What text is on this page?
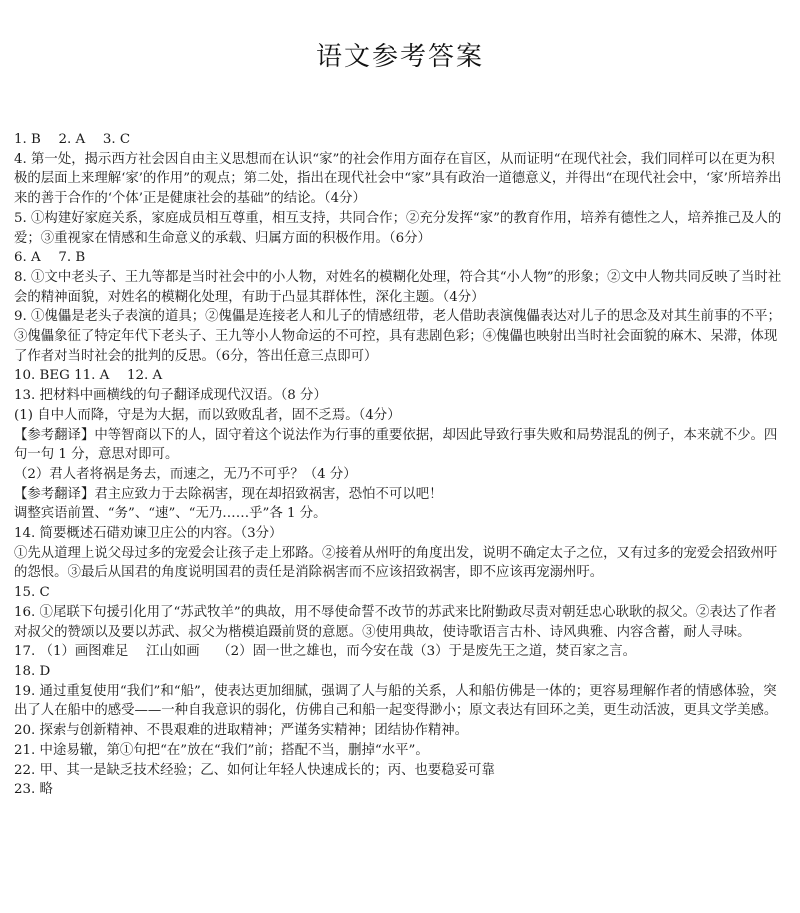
语文参考答案

1. B　 2. A　 3. C

4. 第一处，揭示西方社会因自由主义思想而在认识“家”的社会作用方面存在盲区，从而证明“在现代社会，我们同样可以在更为积极的层面上来理解‘家’的作用”的观点；第二处，指出在现代社会中“家”具有政治一道德意义，并得出“在现代社会中，‘家’所培养出来的善于合作的‘个体’正是健康社会的基础”的结论。（4分）

5. ①构建好家庭关系，家庭成员相互尊重，相互支持，共同合作；②充分发挥“家”的教育作用，培养有德性之人，培养推己及人的爱；③重视家在情感和生命意义的承载、归属方面的积极作用。（6分）

6. A　 7. B

8. ①文中老头子、王九等都是当时社会中的小人物，对姓名的模糊化处理，符合其“小人物”的形象；②文中人物共同反映了当时社会的精神面貌，对姓名的模糊化处理，有助于凸显其群体性，深化主题。（4分）

9. ①傀儡是老头子表演的道具；②傀儡是连接老人和儿子的情感纽带，老人借助表演傀儡表达对儿子的思念及对其生前事的不平；③傀儡象征了特定年代下老头子、王九等小人物命运的不可控，具有悲剧色彩；④傀儡也映射出当时社会面貌的麻木、呆滞，体现了作者对当时社会的批判的反思。（6分，答出任意三点即可）

10. BEG 11. A　 12. A

13. 把材料中画横线的句子翻译成现代汉语。（8 分）

(1) 自中人而降，守是为大据，而以致败乱者，固不乏焉。（4分）

【参考翻译】中等智商以下的人，固守着这个说法作为行事的重要依据，却因此导致行事失败和局势混乱的例子，本来就不少。四句一句 1 分，意思对即可。

（2）君人者将祸是务去，而速之，无乃不可乎？（4 分）

【参考翻译】君主应致力于去除祸害，现在却招致祸害，恐怕不可以吧！

调整宾语前置、“务”、“速”、“无乃……乎”各 1 分。

14. 简要概述石碏劝谏卫庄公的内容。（3分）

①先从道理上说父母过多的宠爱会让孩子走上邪路。②接着从州吁的角度出发，说明不确定太子之位，又有过多的宠爱会招致州吁的怨恨。③最后从国君的角度说明国君的责任是消除祸害而不应该招致祸害，即不应该再宠溺州吁。

15. C

16. ①尾联下句援引化用了“苏武牧羊”的典故，用不辱使命誓不改节的苏武来比附勤政尽责对朝廷忠心耿耿的叔父。②表达了作者对叔父的赞颂以及要以苏武、叔父为楷模追蹑前贤的意愿。③使用典故，使诗歌语言古朴、诗风典雅、内容含蓄，耐人寻味。

17. （1）画图难足　 江山如画　 （2）固一世之雄也，而今安在哉（3）于是废先王之道，焚百家之言。

18. D

19. 通过重复使用“我们”和“船”，使表达更加细腻，强调了人与船的关系，人和船仿佛是一体的；更容易理解作者的情感体验，突出了人在船中的感受——一种自我意识的弱化，仿佛自己和船一起变得渺小；原文表达有回环之美，更生动活波，更具文学美感。

20. 探索与创新精神、不畏艰难的进取精神；严谨务实精神；团结协作精神。

21. 中途易辙，第①句把“在”放在“我们”前；搭配不当，删掉“水平”。

22. 甲、其一是缺乏技术经验；乙、如何让年轻人快速成长的；丙、也要稳妥可靠

23. 略
